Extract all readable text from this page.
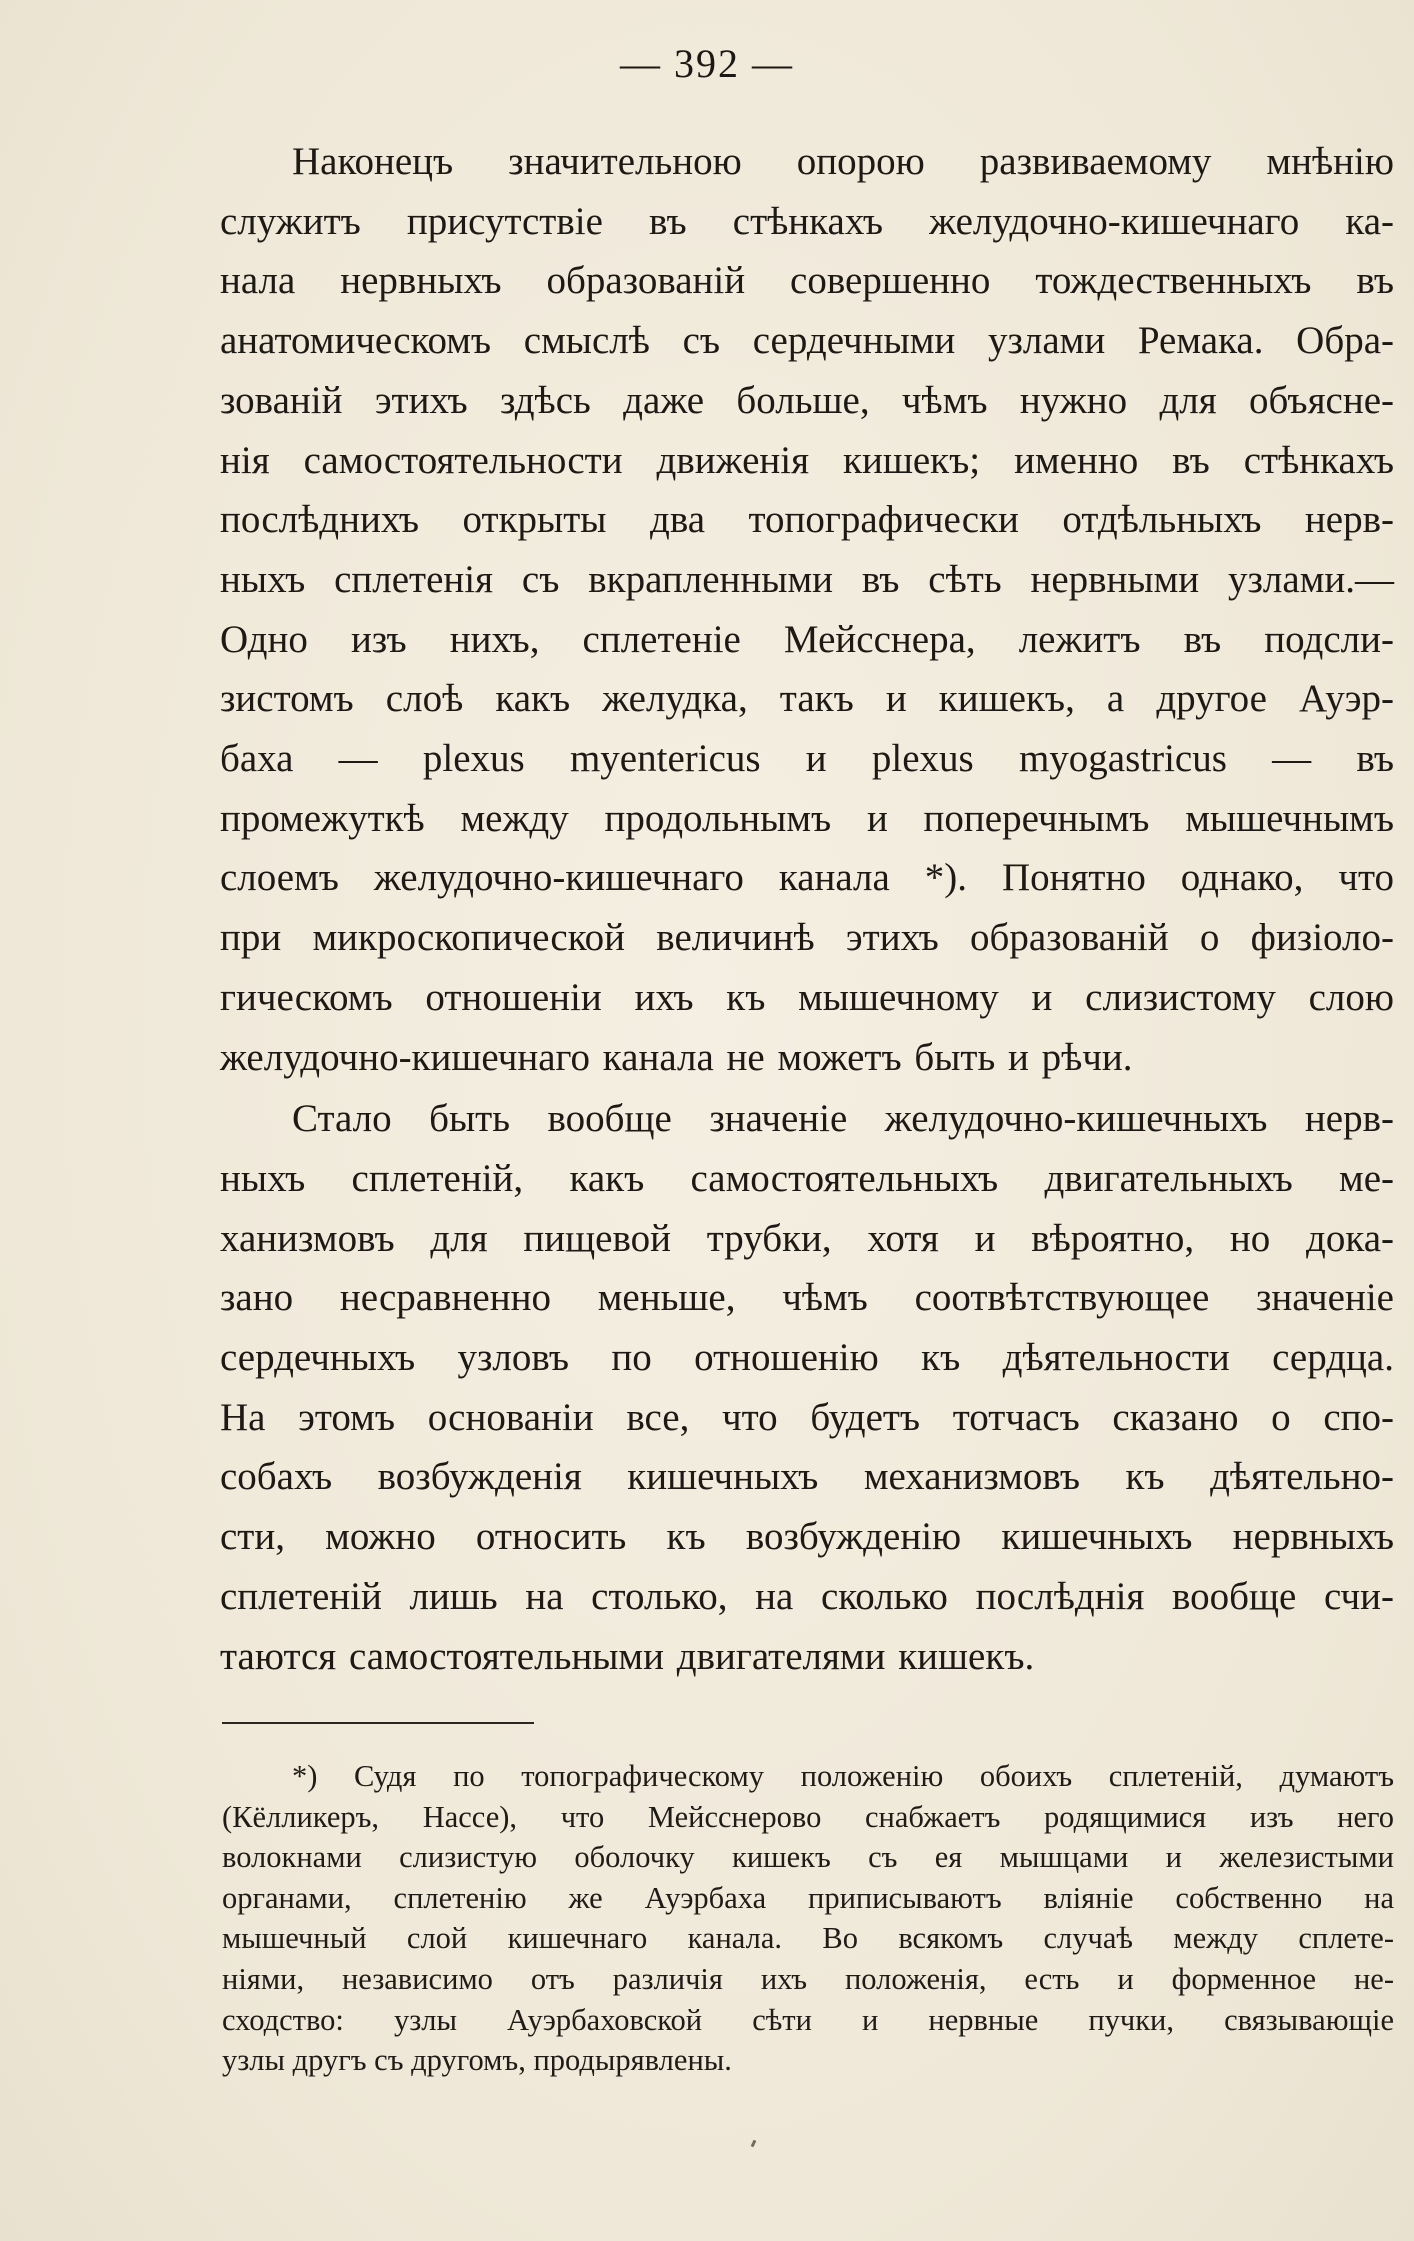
— 392 —

Наконецъ значительною опорою развиваемому мнѣнію
служитъ присутствіе въ стѣнкахъ желудочно-кишечнаго ка-
нала нервныхъ образованій совершенно тождественныхъ въ
анатомическомъ смыслѣ съ сердечными узлами Ремака. Обра-
зованій этихъ здѣсь даже больше, чѣмъ нужно для объясне-
нія самостоятельности движенія кишекъ; именно въ стѣнкахъ
послѣднихъ открыты два топографически отдѣльныхъ нерв-
ныхъ сплетенія съ вкрапленными въ сѣть нервными узлами.—
Одно изъ нихъ, сплетеніе Мейсснера, лежитъ въ подсли-
зистомъ слоѣ какъ желудка, такъ и кишекъ, а другое Ауэр-
баха — plexus myentericus и plexus myogastricus — въ
промежуткѣ между продольнымъ и поперечнымъ мышечнымъ
слоемъ желудочно-кишечнаго канала *). Понятно однако, что
при микроскопической величинѣ этихъ образованій о физіоло-
гическомъ отношеніи ихъ къ мышечному и слизистому слою
желудочно-кишечнаго канала не можетъ быть и рѣчи.

Стало быть вообще значеніе желудочно-кишечныхъ нерв-
ныхъ сплетеній, какъ самостоятельныхъ двигательныхъ ме-
ханизмовъ для пищевой трубки, хотя и вѣроятно, но дока-
зано несравненно меньше, чѣмъ соотвѣтствующее значеніе
сердечныхъ узловъ по отношенію къ дѣятельности сердца.
На этомъ основаніи все, что будетъ тотчасъ сказано о спо-
собахъ возбужденія кишечныхъ механизмовъ къ дѣятельно-
сти, можно относить къ возбужденію кишечныхъ нервныхъ
сплетеній лишь на столько, на сколько послѣднія вообще счи-
таются самостоятельными двигателями кишекъ.

*) Судя по топографическому положенію обоихъ сплетеній, думаютъ
(Кёлликеръ, Нассе), что Мейсснерово снабжаетъ родящимися изъ него
волокнами слизистую оболочку кишекъ съ ея мышцами и железистыми
органами, сплетенію же Ауэрбаха приписываютъ вліяніе собственно на
мышечный слой кишечнаго канала. Во всякомъ случаѣ между сплете-
ніями, независимо отъ различія ихъ положенія, есть и форменное не-
сходство: узлы Ауэрбаховской сѣти и нервные пучки, связывающіе
узлы другъ съ другомъ, продырявлены.
